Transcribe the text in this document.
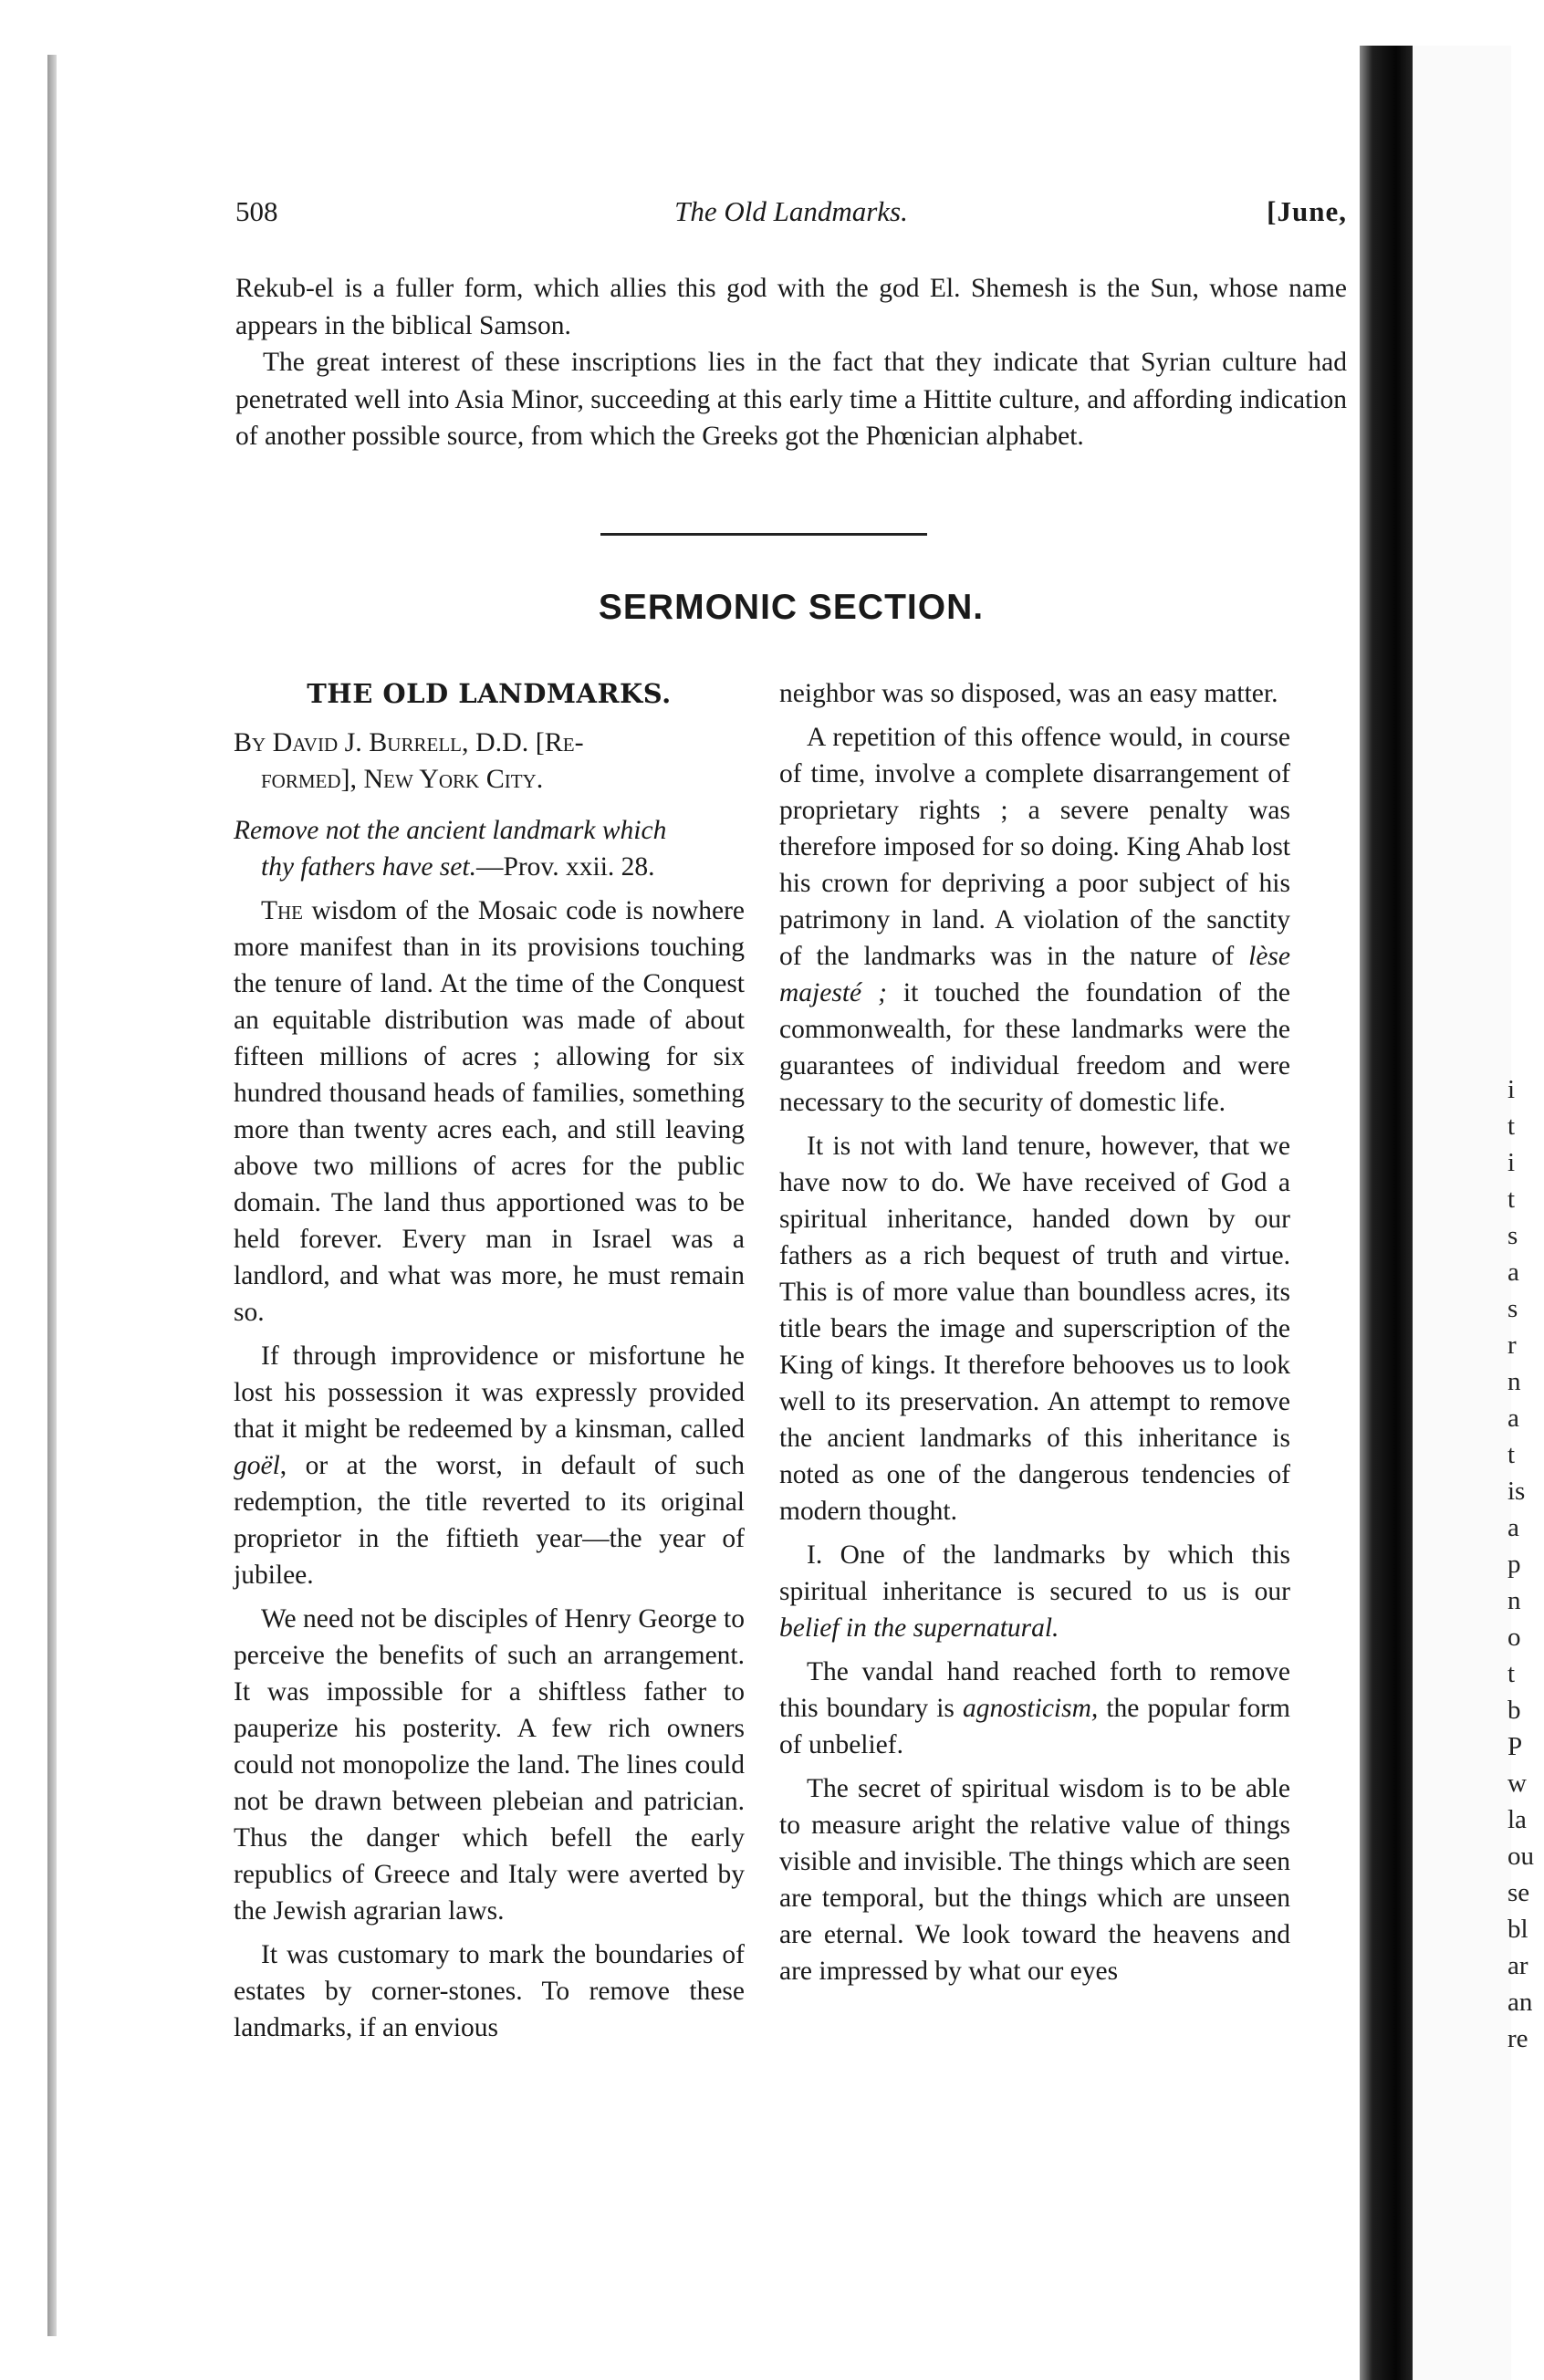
508	The Old Landmarks.	[June,

Rekub-el is a fuller form, which allies this god with the god El. Shemesh is the Sun, whose name appears in the biblical Samson.

The great interest of these inscriptions lies in the fact that they indicate that Syrian culture had penetrated well into Asia Minor, succeeding at this early time a Hittite culture, and affording indication of another possible source, from which the Greeks got the Phœnician alphabet.

SERMONIC SECTION.
THE OLD LANDMARKS.
By David J. Burrell, D.D. [Re-
formed], New York City.
Remove not the ancient landmark which
thy fathers have set.—Prov. xxii. 28.

The wisdom of the Mosaic code is nowhere more manifest than in its provisions touching the tenure of land. At the time of the Conquest an equitable distribution was made of about fifteen millions of acres ; allowing for six hundred thousand heads of families, something more than twenty acres each, and still leaving above two millions of acres for the public domain. The land thus apportioned was to be held forever. Every man in Israel was a landlord, and what was more, he must remain so.

If through improvidence or misfortune he lost his possession it was expressly provided that it might be redeemed by a kinsman, called goël, or at the worst, in default of such redemption, the title reverted to its original proprietor in the fiftieth year—the year of jubilee.

We need not be disciples of Henry George to perceive the benefits of such an arrangement. It was impossible for a shiftless father to pauperize his posterity. A few rich owners could not monopolize the land. The lines could not be drawn between plebeian and patrician. Thus the danger which befell the early republics of Greece and Italy were averted by the Jewish agrarian laws.

It was customary to mark the boundaries of estates by corner-stones. To remove these landmarks, if an envious

neighbor was so disposed, was an easy matter.

A repetition of this offence would, in course of time, involve a complete disarrangement of proprietary rights ; a severe penalty was therefore imposed for so doing. King Ahab lost his crown for depriving a poor subject of his patrimony in land. A violation of the sanctity of the landmarks was in the nature of lèse majesté ; it touched the foundation of the commonwealth, for these landmarks were the guarantees of individual freedom and were necessary to the security of domestic life.

It is not with land tenure, however, that we have now to do. We have received of God a spiritual inheritance, handed down by our fathers as a rich bequest of truth and virtue. This is of more value than boundless acres, its title bears the image and superscription of the King of kings. It therefore behooves us to look well to its preservation. An attempt to remove the ancient landmarks of this inheritance is noted as one of the dangerous tendencies of modern thought.

I. One of the landmarks by which this spiritual inheritance is secured to us is our belief in the supernatural.

The vandal hand reached forth to remove this boundary is agnosticism, the popular form of unbelief.

The secret of spiritual wisdom is to be able to measure aright the relative value of things visible and invisible. The things which are seen are temporal, but the things which are unseen are eternal. We look toward the heavens and are impressed by what our eyes

i
t
i
t
s
a
s
r
n
a
t
is
a
p
n
o
t
b
P
w
la
ou
se
bl
ar
an
re
